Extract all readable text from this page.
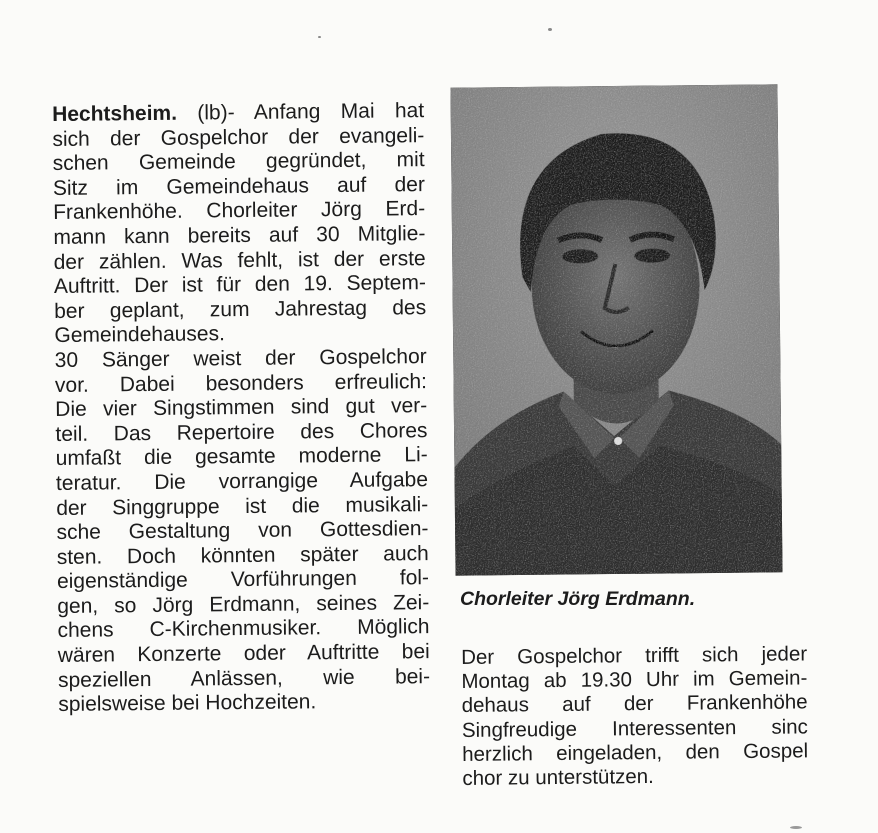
Hechtsheim. (lb)- Anfang Mai hat
sich der Gospelchor der evangeli-
schen Gemeinde gegründet, mit
Sitz im Gemeindehaus auf der
Frankenhöhe. Chorleiter Jörg Erd-
mann kann bereits auf 30 Mitglie-
der zählen. Was fehlt, ist der erste
Auftritt. Der ist für den 19. Septem-
ber geplant, zum Jahrestag des
Gemeindehauses.
30 Sänger weist der Gospelchor
vor. Dabei besonders erfreulich:
Die vier Singstimmen sind gut ver-
teil. Das Repertoire des Chores
umfaßt die gesamte moderne Li-
teratur. Die vorrangige Aufgabe
der Singgruppe ist die musikali-
sche Gestaltung von Gottesdien-
sten. Doch könnten später auch
eigenständige Vorführungen fol-
gen, so Jörg Erdmann, seines Zei-
chens C-Kirchenmusiker. Möglich
wären Konzerte oder Auftritte bei
speziellen Anlässen, wie bei-
spielsweise bei Hochzeiten.
Chorleiter Jörg Erdmann.
Der Gospelchor trifft sich jeder
Montag ab 19.30 Uhr im Gemein-
dehaus auf der Frankenhöhe
Singfreudige Interessenten sinc
herzlich eingeladen, den Gospel
chor zu unterstützen.
